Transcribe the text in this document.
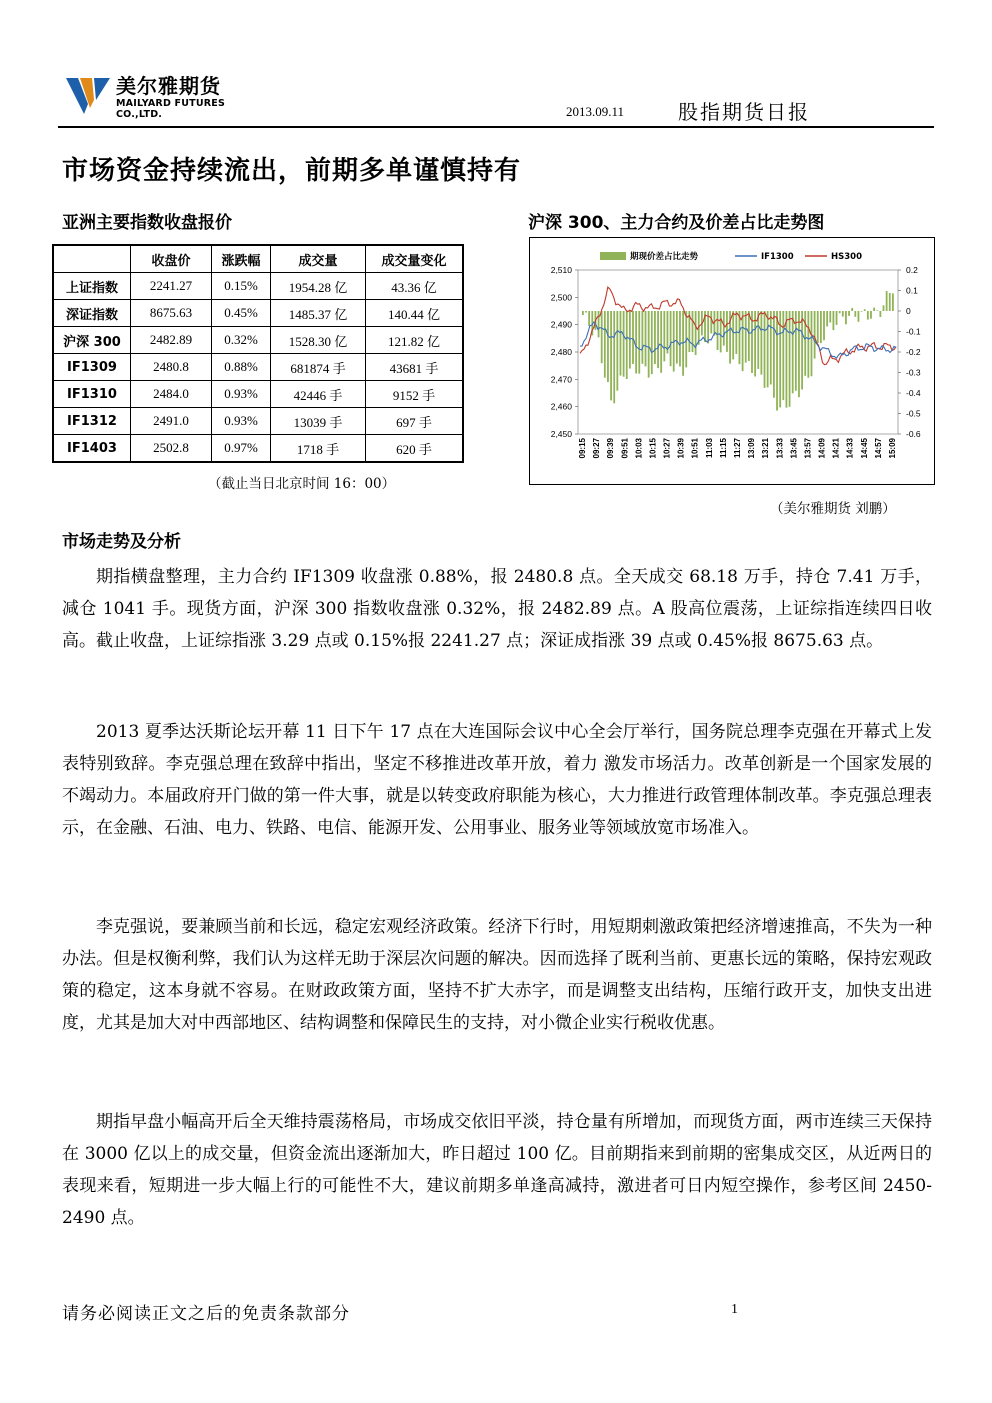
美尔雅期货
MAILYARD FUTURES CO.,LTD.	2013.09.11	股指期货日报
市场资金持续流出，前期多单谨慎持有
亚洲主要指数收盘报价
	收盘价	涨跌幅	成交量	成交量变化
上证指数	2241.27	0.15%	1954.28 亿	43.36 亿
深证指数	8675.63	0.45%	1485.37 亿	140.44 亿
沪深 300	2482.89	0.32%	1528.30 亿	121.82 亿
IF1309	2480.8	0.88%	681874 手	43681 手
IF1310	2484.0	0.93%	42446 手	9152 手
IF1312	2491.0	0.93%	13039 手	697 手
IF1403	2502.8	0.97%	1718 手	620 手
（截止当日北京时间 16：00）
沪深 300、主力合约及价差占比走势图
2,510
2,500
2,490
2,480
2,470
2,460
2,450
0.2
0.1
0
-0.1
-0.2
-0.3
-0.4
-0.5
-0.6
09:15 09:27 09:39 09:51 10:03 10:15 10:27 10:39 10:51 11:03 11:15 11:27 13:09 13:21 13:33 13:45 13:57 14:09 14:21 14:33 14:45 14:57 15:09
期现价差占比走势	IF1300	HS300
（美尔雅期货 刘鹏）
市场走势及分析
期指横盘整理，主力合约 IF1309 收盘涨 0.88%，报 2480.8 点。全天成交 68.18 万手，持仓 7.41 万手，减仓 1041 手。现货方面，沪深 300 指数收盘涨 0.32%，报 2482.89 点。A 股高位震荡，上证综指连续四日收高。截止收盘，上证综指涨 3.29 点或 0.15%报 2241.27 点；深证成指涨 39 点或 0.45%报 8675.63 点。
2013 夏季达沃斯论坛开幕 11 日下午 17 点在大连国际会议中心全会厅举行，国务院总理李克强在开幕式上发表特别致辞。李克强总理在致辞中指出，坚定不移推进改革开放，着力 激发市场活力。改革创新是一个国家发展的不竭动力。本届政府开门做的第一件大事，就是以转变政府职能为核心，大力推进行政管理体制改革。李克强总理表示，在金融、石油、电力、铁路、电信、能源开发、公用事业、服务业等领域放宽市场准入。
李克强说，要兼顾当前和长远，稳定宏观经济政策。经济下行时，用短期刺激政策把经济增速推高，不失为一种办法。但是权衡利弊，我们认为这样无助于深层次问题的解决。因而选择了既利当前、更惠长远的策略，保持宏观政策的稳定，这本身就不容易。在财政政策方面，坚持不扩大赤字，而是调整支出结构，压缩行政开支，加快支出进度，尤其是加大对中西部地区、结构调整和保障民生的支持，对小微企业实行税收优惠。
期指早盘小幅高开后全天维持震荡格局，市场成交依旧平淡，持仓量有所增加，而现货方面，两市连续三天保持在 3000 亿以上的成交量，但资金流出逐渐加大，昨日超过 100 亿。目前期指来到前期的密集成交区，从近两日的表现来看，短期进一步大幅上行的可能性不大，建议前期多单逢高减持，激进者可日内短空操作，参考区间 2450-2490 点。
请务必阅读正文之后的免责条款部分	1
